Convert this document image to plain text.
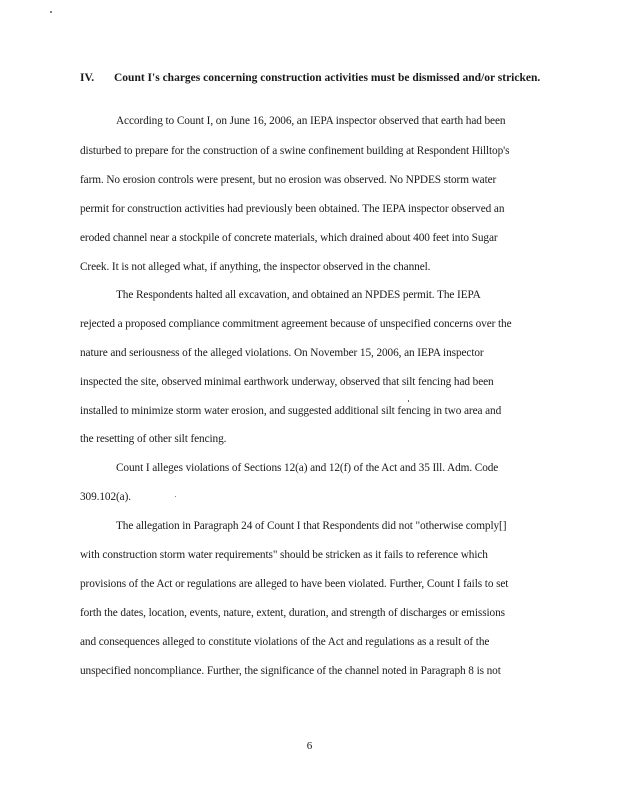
IV. Count I's charges concerning construction activities must be dismissed and/or stricken.
According to Count I, on June 16, 2006, an IEPA inspector observed that earth had been
disturbed to prepare for the construction of a swine confinement building at Respondent Hilltop's
farm. No erosion controls were present, but no erosion was observed. No NPDES storm water
permit for construction activities had previously been obtained. The IEPA inspector observed an
eroded channel near a stockpile of concrete materials, which drained about 400 feet into Sugar
Creek. It is not alleged what, if anything, the inspector observed in the channel.
The Respondents halted all excavation, and obtained an NPDES permit. The IEPA
rejected a proposed compliance commitment agreement because of unspecified concerns over the
nature and seriousness of the alleged violations. On November 15, 2006, an IEPA inspector
inspected the site, observed minimal earthwork underway, observed that silt fencing had been
installed to minimize storm water erosion, and suggested additional silt fencing in two area and
the resetting of other silt fencing.
Count I alleges violations of Sections 12(a) and 12(f) of the Act and 35 Ill. Adm. Code
309.102(a).
The allegation in Paragraph 24 of Count I that Respondents did not "otherwise comply[]
with construction storm water requirements" should be stricken as it fails to reference which
provisions of the Act or regulations are alleged to have been violated. Further, Count I fails to set
forth the dates, location, events, nature, extent, duration, and strength of discharges or emissions
and consequences alleged to constitute violations of the Act and regulations as a result of the
unspecified noncompliance. Further, the significance of the channel noted in Paragraph 8 is not
6
